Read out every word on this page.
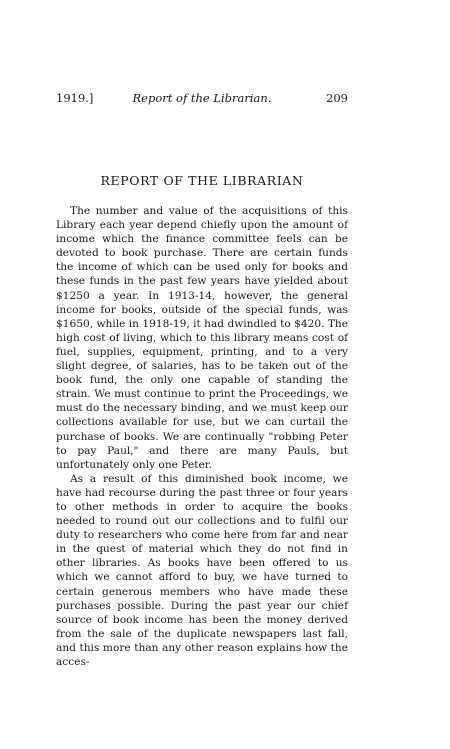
1919.]	Report of the Librarian.	209
REPORT OF THE LIBRARIAN

The number and value of the acquisitions of this Library each year depend chiefly upon the amount of income which the finance committee feels can be devoted to book purchase. There are certain funds the income of which can be used only for books and these funds in the past few years have yielded about $1250 a year. In 1913-14, however, the general income for books, outside of the special funds, was $1650, while in 1918-19, it had dwindled to $420. The high cost of living, which to this library means cost of fuel, supplies, equipment, printing, and to a very slight degree, of salaries, has to be taken out of the book fund, the only one capable of standing the strain. We must continue to print the Proceedings, we must do the necessary binding, and we must keep our collections available for use, but we can curtail the purchase of books. We are continually "robbing Peter to pay Paul," and there are many Pauls, but unfortunately only one Peter.

As a result of this diminished book income, we have had recourse during the past three or four years to other methods in order to acquire the books needed to round out our collections and to fulfil our duty to researchers who come here from far and near in the quest of material which they do not find in other libraries. As books have been offered to us which we cannot afford to buy, we have turned to certain generous members who have made these purchases possible. During the past year our chief source of book income has been the money derived from the sale of the duplicate newspapers last fall, and this more than any other reason explains how the acces-
